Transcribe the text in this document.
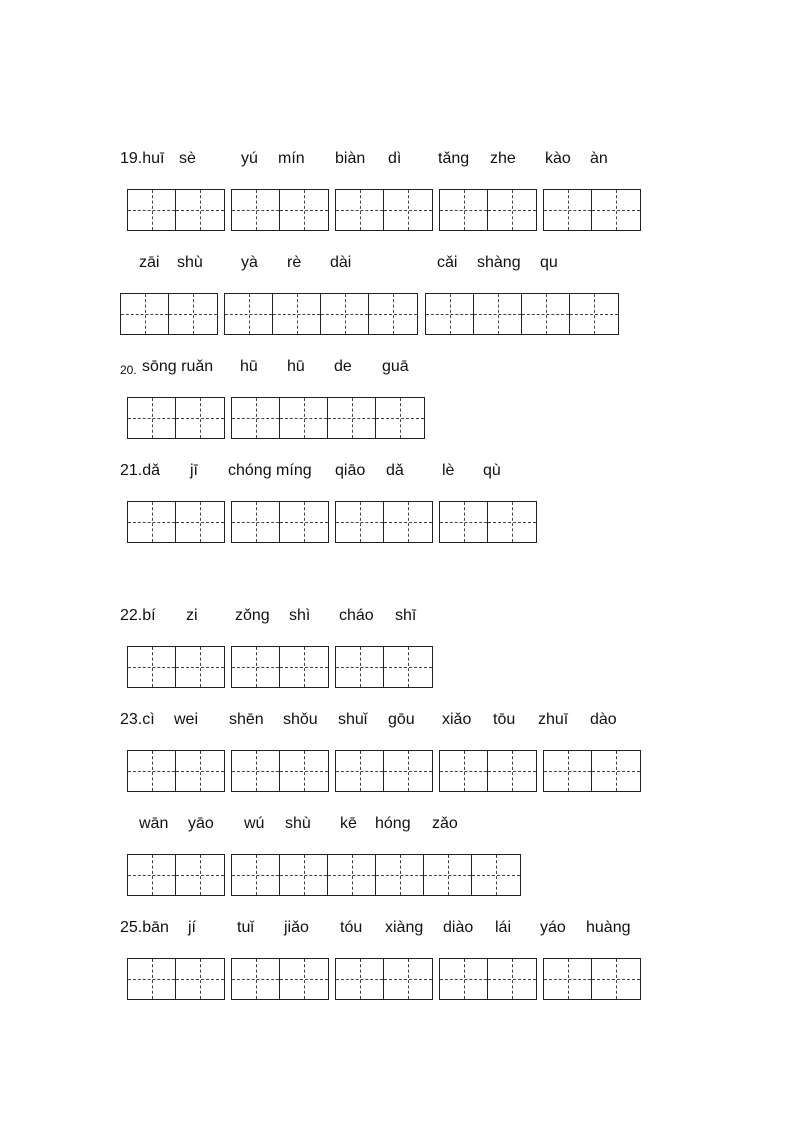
19.huī sè	yú mín biàn dì tǎng zhe kào àn
zāi shù yà rè dài	cǎi shàng qu
20. sōng ruǎn hū hū de guā
21.dǎ jī chóng míng qiāo dǎ lè qù
22.bí zi zǒng shì cháo shī
23.cì wei shēn shǒu shuǐ gōu xiǎo tōu zhuī dào
wān yāo wú shù kē hóng zǎo
25.bān jí	tuǐ jiǎo tóu xiàng diào lái yáo huàng
